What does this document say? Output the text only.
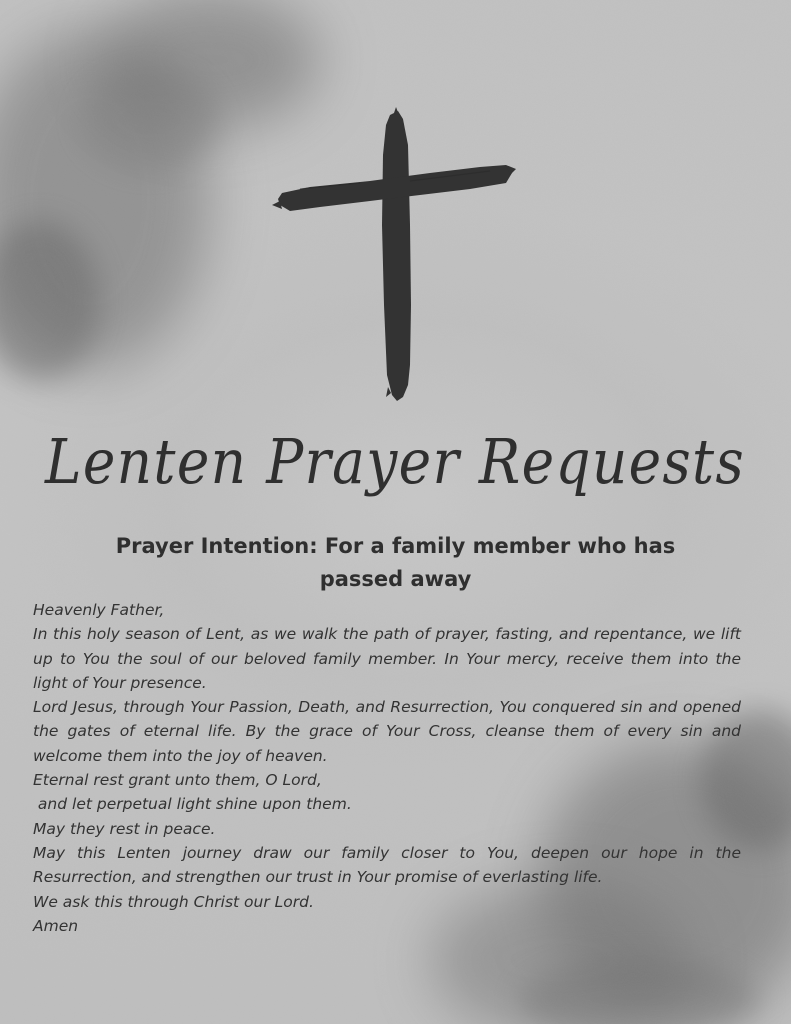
Lenten Prayer Requests
Prayer Intention: For a family member who has
passed away

Heavenly Father,

In this holy season of Lent, as we walk the path of prayer, fasting, and repentance, we lift up to You the soul of our beloved family member. In Your mercy, receive them into the light of Your presence.

Lord Jesus, through Your Passion, Death, and Resurrection, You conquered sin and opened the gates of eternal life. By the grace of Your Cross, cleanse them of every sin and welcome them into the joy of heaven.

Eternal rest grant unto them, O Lord,

and let perpetual light shine upon them.

May they rest in peace.

May this Lenten journey draw our family closer to You, deepen our hope in the Resurrection, and strengthen our trust in Your promise of everlasting life.

We ask this through Christ our Lord.

Amen
